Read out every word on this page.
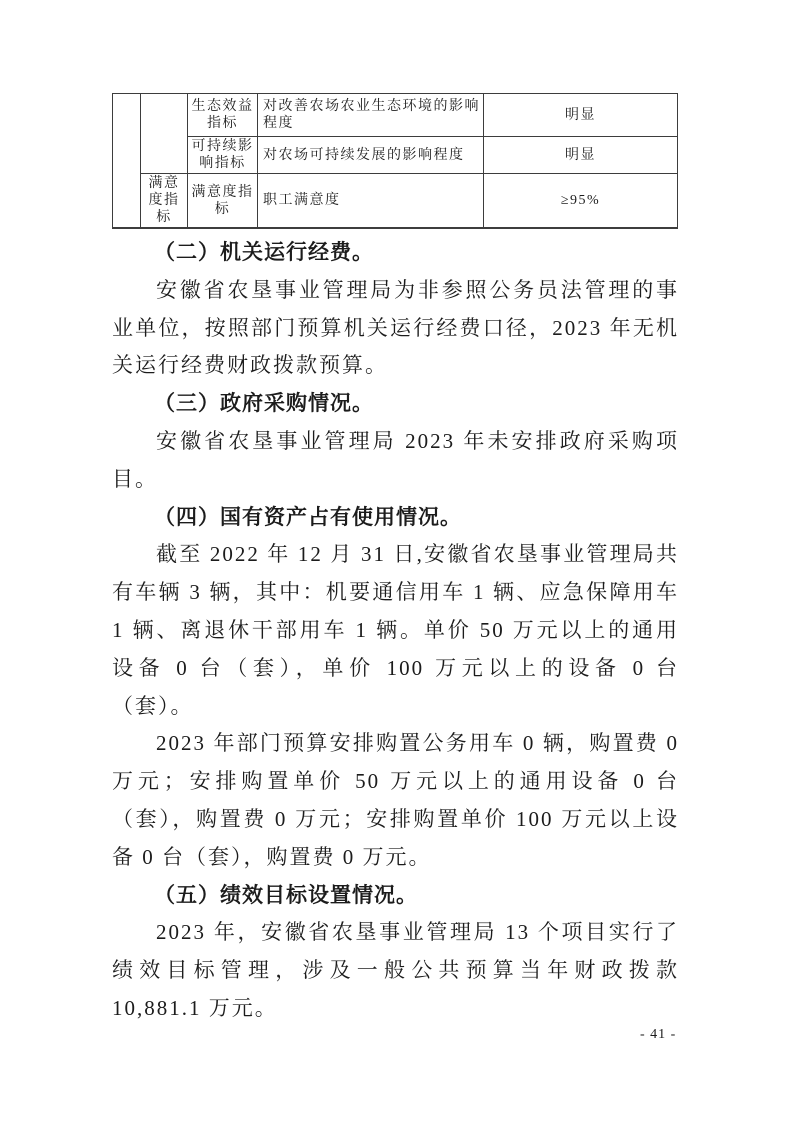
		生态效益指标	对改善农场农业生态环境的影响程度	明显
		可持续影响指标	对农场可持续发展的影响程度	明显
	满意度指标	满意度指标	职工满意度	≥95%
（二）机关运行经费。

安徽省农垦事业管理局为非参照公务员法管理的事业单位，按照部门预算机关运行经费口径，2023 年无机关运行经费财政拨款预算。

（三）政府采购情况。

安徽省农垦事业管理局 2023 年未安排政府采购项目。

（四）国有资产占有使用情况。

截至 2022 年 12 月 31 日,安徽省农垦事业管理局共有车辆 3 辆，其中：机要通信用车 1 辆、应急保障用车 1 辆、离退休干部用车 1 辆。单价 50 万元以上的通用设备 0 台（套），单价 100 万元以上的设备 0 台（套）。

2023 年部门预算安排购置公务用车 0 辆，购置费 0 万元；安排购置单价 50 万元以上的通用设备 0 台（套），购置费 0 万元；安排购置单价 100 万元以上设备 0 台（套），购置费 0 万元。

（五）绩效目标设置情况。

2023 年，安徽省农垦事业管理局 13 个项目实行了绩效目标管理，涉及一般公共预算当年财政拨款 10,881.1 万元。

- 41 -
